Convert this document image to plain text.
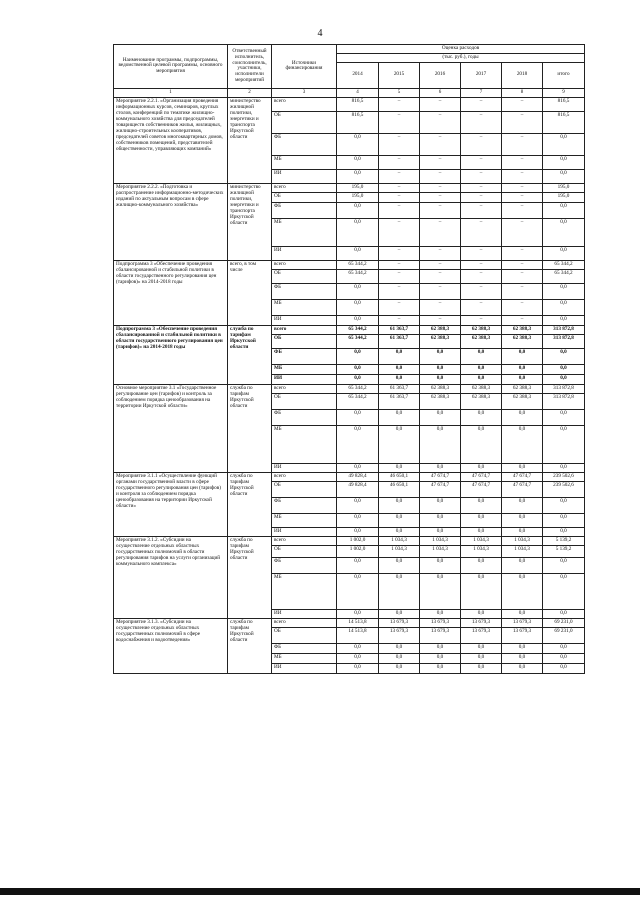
4
Наименование программы, подпрограммы, ведомственной целевой программы, основного мероприятия	Ответственный исполнитель, соисполнитель, участники, исполнители мероприятий	Источники финансирования	Оценка расходов					
			(тыс. руб.), годы					
			2014	2015	2016	2017	2018	итого
1	2	3	4	5	6	7	8	9
Мероприятие 2.2.1. «Организация проведения информационных курсов, семинаров, круглых столов, конференций по тематике жилищно-коммунального хозяйства для председателей товариществ собственников жилья, жилищных, жилищно-строительных кооперативов, председателей советов многоквартирных домов, собственников помещений, представителей общественности, управляющих компаний»	министерство жилищной политики, энергетики и транспорта Иркутской области	всего	816,5	–	–	–	–	816,5
		ОБ	816,5	–	–	–	–	816,5
		ФБ	0,0	–	–	–	–	0,0
		МБ	0,0	–	–	–	–	0,0
		ИИ	0,0	–	–	–	–	0,0
Мероприятие 2.2.2. «Подготовка и распространение информационно-методических изданий по актуальным вопросам в сфере жилищно-коммунального хозяйства»	министерство жилищной политики, энергетики и транспорта Иркутской области	всего	195,0	–	–	–	–	195,0
		ОБ	195,0	–	–	–	–	195,0
		ФБ	0,0	–	–	–	–	0,0
		МБ	0,0	–	–	–	–	0,0
		ИИ	0,0	–	–	–	–	0,0
Подпрограмма 3 «Обеспечение проведения сбалансированной и стабильной политики в области государственного регулирования цен (тарифов)» на 2014-2018 годы	всего, в том числе	всего	65 344,2	–	–	–	–	65 344,2
		ОБ	65 344,2	–	–	–	–	65 344,2
		ФБ	0,0	–	–	–	–	0,0
		МБ	0,0	–	–	–	–	0,0
		ИИ	0,0	–	–	–	–	0,0
Подпрограмма 3 «Обеспечение проведения сбалансированной и стабильной политики в области государственного регулирования цен (тарифов)» на 2014-2018 годы	служба по тарифам Иркутской области	всего	65 344,2	61 363,7	62 388,3	62 388,3	62 388,3	313 872,8
		ОБ	65 344,2	61 363,7	62 388,3	62 388,3	62 388,3	313 872,8
		ФБ	0,0	0,0	0,0	0,0	0,0	0,0
		МБ	0,0	0,0	0,0	0,0	0,0	0,0
		ИИ	0,0	0,0	0,0	0,0	0,0	0,0
Основное мероприятие 3.1 «Государственное регулирование цен (тарифов) и контроль за соблюдением порядка ценообразования на территории Иркутской области»	служба по тарифам Иркутской области	всего	65 344,2	61 363,7	62 388,3	62 388,3	62 388,3	313 872,8
		ОБ	65 344,2	61 363,7	62 388,3	62 388,3	62 388,3	313 872,8
		ФБ	0,0	0,0	0,0	0,0	0,0	0,0
		МБ	0,0	0,0	0,0	0,0	0,0	0,0
		ИИ	0,0	0,0	0,0	0,0	0,0	0,0
Мероприятие 3.1.1 «Осуществление функций органами государственной власти в сфере государственного регулирования цен (тарифов) и контроля за соблюдением порядка ценообразования на территории Иркутской области»	служба по тарифам Иркутской области	всего	49 828,4	46 650,1	47 674,7	47 674,7	47 674,7	239 502,6
		ОБ	49 828,4	46 650,1	47 674,7	47 674,7	47 674,7	239 502,6
		ФБ	0,0	0,0	0,0	0,0	0,0	0,0
		МБ	0,0	0,0	0,0	0,0	0,0	0,0
		ИИ	0,0	0,0	0,0	0,0	0,0	0,0
Мероприятие 3.1.2. «Субсидии на осуществление отдельных областных государственных полномочий в области регулирования тарифов на услуги организаций коммунального комплекса»	служба по тарифам Иркутской области	всего	1 002,0	1 034,3	1 034,3	1 034,3	1 034,3	5 139,2
		ОБ	1 002,0	1 034,3	1 034,3	1 034,3	1 034,3	5 139,2
		ФБ	0,0	0,0	0,0	0,0	0,0	0,0
		МБ	0,0	0,0	0,0	0,0	0,0	0,0
		ИИ	0,0	0,0	0,0	0,0	0,0	0,0
Мероприятие 3.1.3. «Субсидии на осуществление отдельных областных государственных полномочий в сфере водоснабжения и водоотведения»	служба по тарифам Иркутской области	всего	14 513,8	13 679,3	13 679,3	13 679,3	13 679,3	69 231,0
		ОБ	14 513,8	13 679,3	13 679,3	13 679,3	13 679,3	69 231,0
		ФБ	0,0	0,0	0,0	0,0	0,0	0,0
		МБ	0,0	0,0	0,0	0,0	0,0	0,0
		ИИ	0,0	0,0	0,0	0,0	0,0	0,0
